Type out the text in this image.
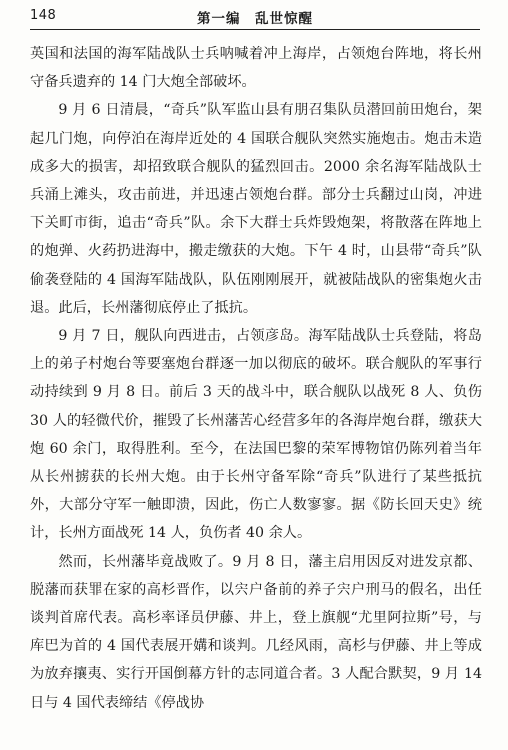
148	第一编　乱世惊醒

英国和法国的海军陆战队士兵呐喊着冲上海岸，占领炮台阵地，将长州守备兵遗弃的 14 门大炮全部破坏。

9 月 6 日清晨，“奇兵”队军监山县有朋召集队员潜回前田炮台，架起几门炮，向停泊在海岸近处的 4 国联合舰队突然实施炮击。炮击未造成多大的损害，却招致联合舰队的猛烈回击。2000 余名海军陆战队士兵涌上滩头，攻击前进，并迅速占领炮台群。部分士兵翻过山岗，冲进下关町市街，追击“奇兵”队。余下大群士兵炸毁炮架，将散落在阵地上的炮弹、火药扔进海中，搬走缴获的大炮。下午 4 时，山县带“奇兵”队偷袭登陆的 4 国海军陆战队，队伍刚刚展开，就被陆战队的密集炮火击退。此后，长州藩彻底停止了抵抗。

9 月 7 日，舰队向西进击，占领彦岛。海军陆战队士兵登陆，将岛上的弟子村炮台等要塞炮台群逐一加以彻底的破坏。联合舰队的军事行动持续到 9 月 8 日。前后 3 天的战斗中，联合舰队以战死 8 人、负伤 30 人的轻微代价，摧毁了长州藩苦心经营多年的各海岸炮台群，缴获大炮 60 余门，取得胜利。至今，在法国巴黎的荣军博物馆仍陈列着当年从长州掳获的长州大炮。由于长州守备军除“奇兵”队进行了某些抵抗外，大部分守军一触即溃，因此，伤亡人数寥寥。据《防长回天史》统计，长州方面战死 14 人，负伤者 40 余人。

然而，长州藩毕竟战败了。9 月 8 日，藩主启用因反对进发京都、脱藩而获罪在家的高杉晋作，以宍户备前的养子宍户刑马的假名，出任谈判首席代表。高杉率译员伊藤、井上，登上旗舰“尤里阿拉斯”号，与库巴为首的 4 国代表展开媾和谈判。几经风雨，高杉与伊藤、井上等成为放弃攘夷、实行开国倒幕方针的志同道合者。3 人配合默契，9 月 14 日与 4 国代表缔结《停战协
